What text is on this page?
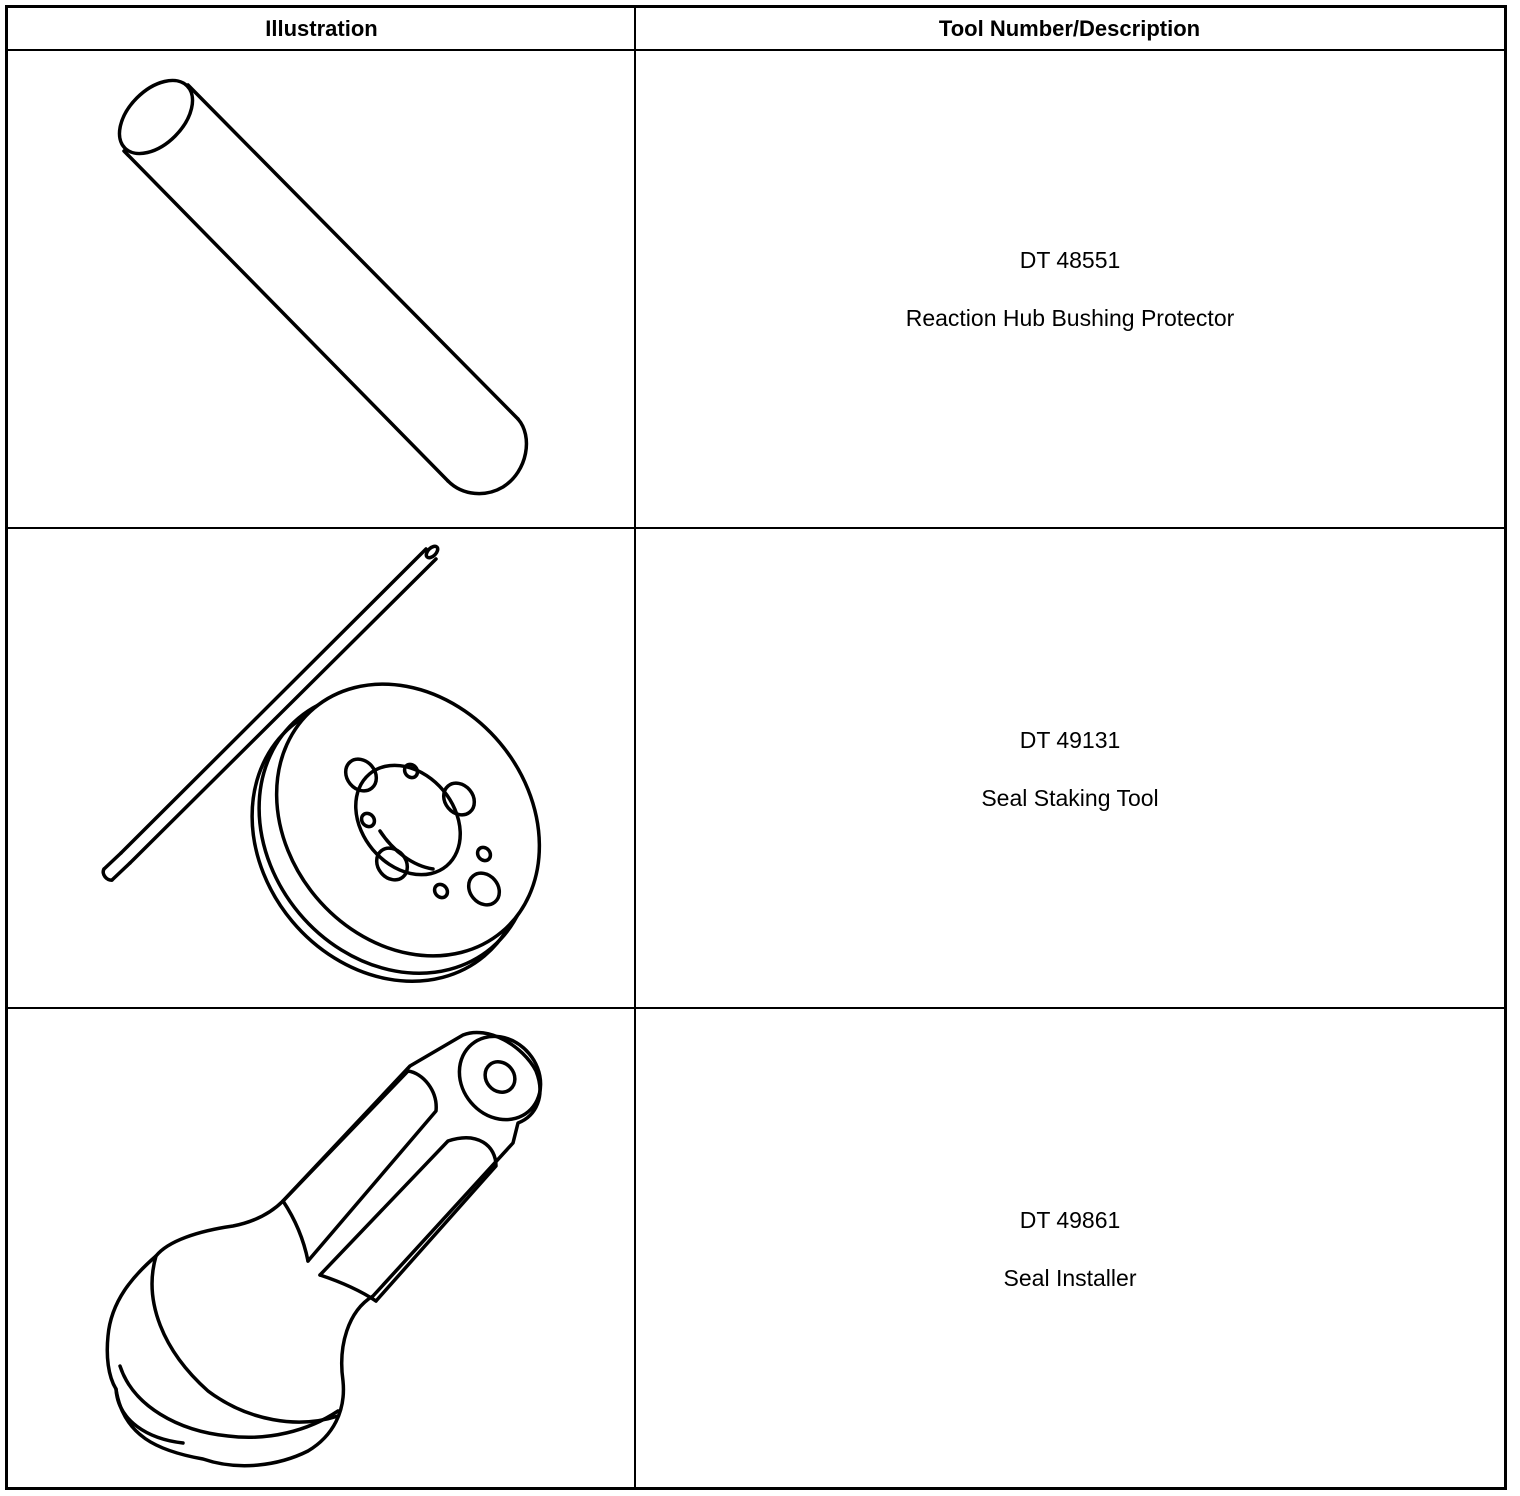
Illustration	Tool Number/Description
DT 48551
Reaction Hub Bushing Protector
DT 49131
Seal Staking Tool
DT 49861
Seal Installer
